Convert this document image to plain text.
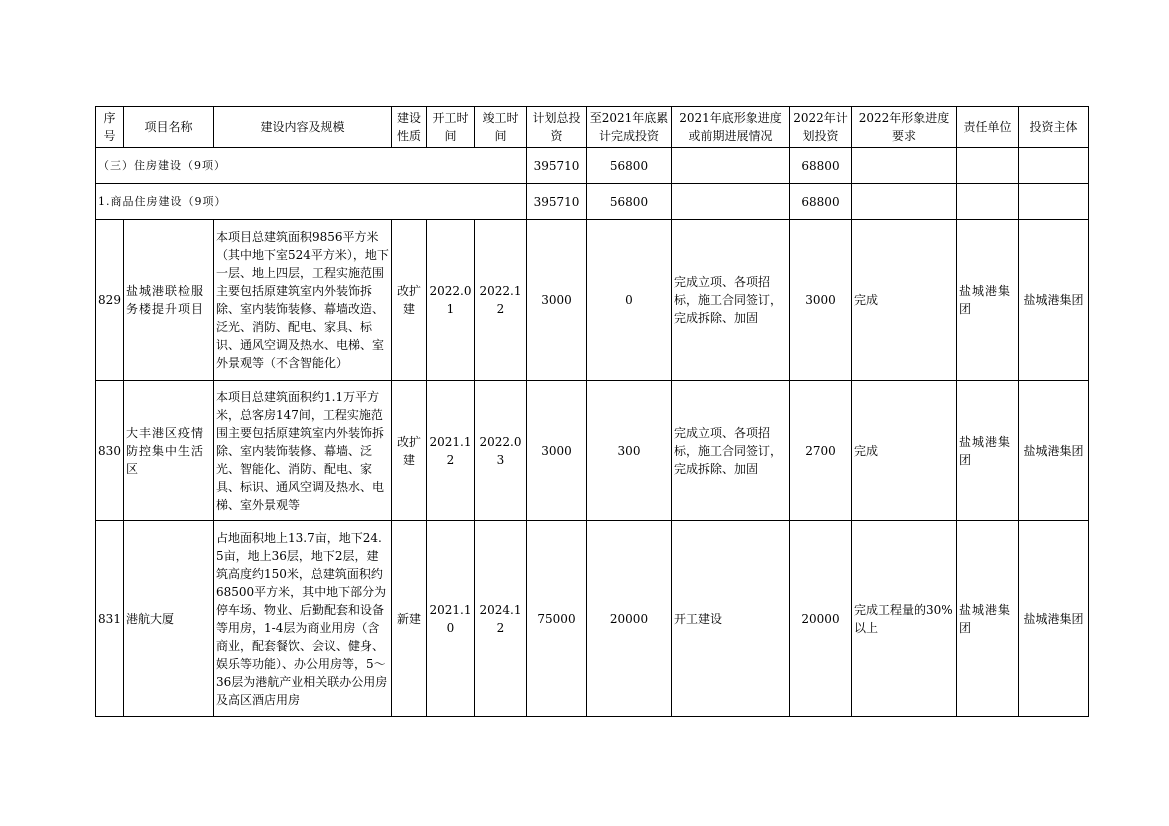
序号	项目名称	建设内容及规模	建设性质	开工时间	竣工时间	计划总投资	至2021年底累计完成投资	2021年底形象进度或前期进展情况	2022年计划投资	2022年形象进度要求	责任单位	投资主体
（三）住房建设（9项）						395710	56800		68800			
1.商品住房建设（9项）						395710	56800		68800			
829	盐城港联检服务楼提升项目	本项目总建筑面积9856平方米（其中地下室524平方米），地下一层、地上四层，工程实施范围主要包括原建筑室内外装饰拆除、室内装饰装修、幕墙改造、泛光、消防、配电、家具、标识、通风空调及热水、电梯、室外景观等（不含智能化）	改扩建	2022.01	2022.12	3000	0	完成立项、各项招标，施工合同签订，完成拆除、加固	3000	完成	盐城港集团	盐城港集团
830	大丰港区疫情防控集中生活区	本项目总建筑面积约1.1万平方米，总客房147间，工程实施范围主要包括原建筑室内外装饰拆除、室内装饰装修、幕墙、泛光、智能化、消防、配电、家具、标识、通风空调及热水、电梯、室外景观等	改扩建	2021.12	2022.03	3000	300	完成立项、各项招标，施工合同签订，完成拆除、加固	2700	完成	盐城港集团	盐城港集团
831	港航大厦	占地面积地上13.7亩，地下24.5亩，地上36层，地下2层，建筑高度约150米，总建筑面积约68500平方米，其中地下部分为停车场、物业、后勤配套和设备等用房，1-4层为商业用房（含商业，配套餐饮、会议、健身、娱乐等功能）、办公用房等，5～36层为港航产业相关联办公用房及高区酒店用房	新建	2021.10	2024.12	75000	20000	开工建设	20000	完成工程量的30%以上	盐城港集团	盐城港集团
